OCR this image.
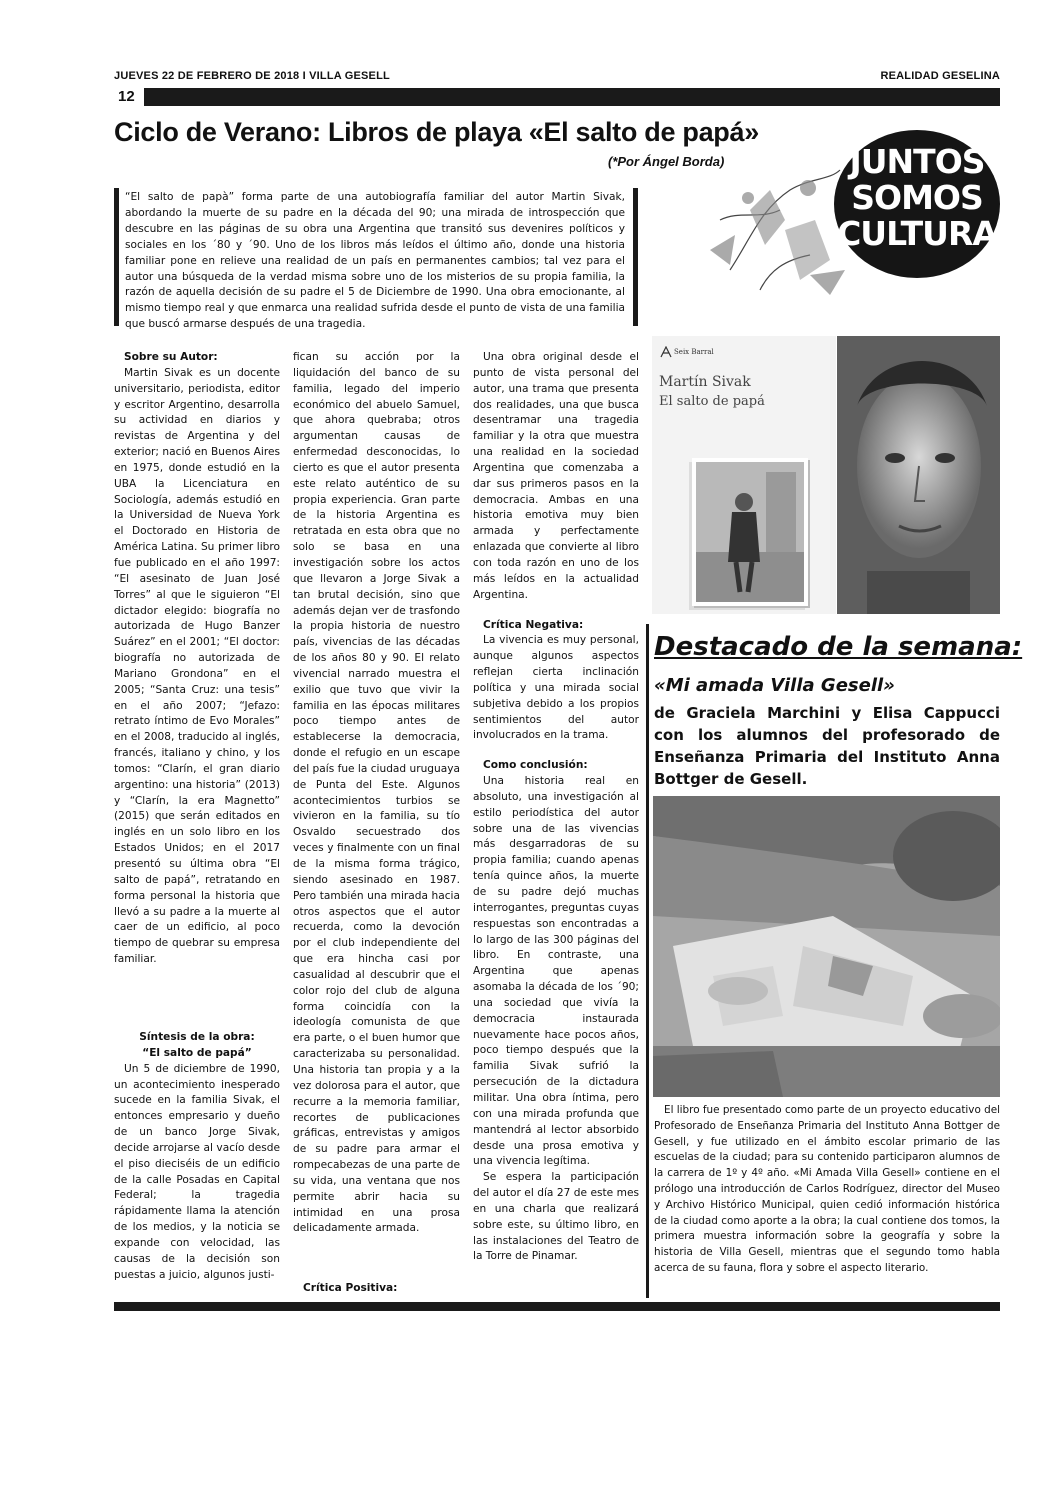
JUEVES 22 DE FEBRERO DE 2018 I VILLA GESELL	REALIDAD GESELINA
12
Ciclo de Verano: Libros de playa «El salto de papá»
(*Por Ángel Borda)	JUNTOS
SOMOS
CULTURA
“El salto de papà” forma parte de una autobiografía familiar del autor Martin Sivak, abordando la muerte de su padre en la década del 90; una mirada de introspección que descubre en las páginas de su obra una Argentina que transitó sus devenires políticos y sociales en los ´80 y ´90. Uno de los libros más leídos el último año, donde una historia familiar pone en relieve una realidad de un país en permanentes cambios; tal vez para el autor una búsqueda de la verdad misma sobre uno de los misterios de su propia familia, la razón de aquella decisión de su padre el 5 de Diciembre de 1990. Una obra emocionante, al mismo tiempo real y que enmarca una realidad sufrida desde el punto de vista de una familia que buscó armarse después de una tragedia.
Sobre su Autor:

Martin Sivak es un docente universitario, periodista, editor y escritor Argentino, desarrolla su actividad en diarios y revistas de Argentina y del exterior; nació en Buenos Aires en 1975, donde estudió en la UBA la Licenciatura en Sociología, además estudió en la Universidad de Nueva York el Doctorado en Historia de América Latina. Su primer libro fue publicado en el año 1997: “El asesinato de Juan José Torres” al que le siguieron “El dictador elegido: biografía no autorizada de Hugo Banzer Suárez” en el 2001; “El doctor: biografía no autorizada de Mariano Grondona” en el 2005; “Santa Cruz: una tesis” en el año 2007; “Jefazo: retrato íntimo de Evo Morales” en el 2008, traducido al inglés, francés, italiano y chino, y los tomos: “Clarín, el gran diario argentino: una historia” (2013) y “Clarín, la era Magnetto” (2015) que serán editados en inglés en un solo libro en los Estados Unidos; en el 2017 presentó su última obra “El salto de papá”, retratando en forma personal la historia que llevó a su padre a la muerte al caer de un edificio, al poco tiempo de quebrar su empresa familiar.

Síntesis de la obra:
“El salto de papá”

Un 5 de diciembre de 1990, un acontecimiento inesperado sucede en la familia Sivak, el entonces empresario y dueño de un banco Jorge Sivak, decide arrojarse al vacío desde el piso dieciséis de un edificio de la calle Posadas en Capital Federal; la tragedia rápidamente llama la atención de los medios, y la noticia se expande con velocidad, las causas de la decisión son puestas a juicio, algunos justi-

fican su acción por la liquidación del banco de su familia, legado del imperio económico del abuelo Samuel, que ahora quebraba; otros argumentan causas de enfermedad desconocidas, lo cierto es que el autor presenta este relato auténtico de su propia experiencia. Gran parte de la historia Argentina es retratada en esta obra que no solo se basa en una investigación sobre los actos que llevaron a Jorge Sivak a tan brutal decisión, sino que además dejan ver de trasfondo la propia historia de nuestro país, vivencias de las décadas de los años 80 y 90. El relato vivencial narrado muestra el exilio que tuvo que vivir la familia en las épocas militares poco tiempo antes de establecerse la democracia, donde el refugio en un escape del país fue la ciudad uruguaya de Punta del Este. Algunos acontecimientos turbios se vivieron en la familia, su tío Osvaldo secuestrado dos veces y finalmente con un final de la misma forma trágico, siendo asesinado en 1987. Pero también una mirada hacia otros aspectos que el autor recuerda, como la devoción por el club independiente del que era hincha casi por casualidad al descubrir que el color rojo del club de alguna forma coincidía con la ideología comunista de que era parte, o el buen humor que caracterizaba su personalidad. Una historia tan propia y a la vez dolorosa para el autor, que recurre a la memoria familiar, recortes de publicaciones gráficas, entrevistas y amigos de su padre para armar el rompecabezas de una parte de su vida, una ventana que nos permite abrir hacia su intimidad en una prosa delicadamente armada.

Crítica Positiva:

Una obra original desde el punto de vista personal del autor, una trama que presenta dos realidades, una que busca desentramar una tragedia familiar y la otra que muestra una realidad en la sociedad Argentina que comenzaba a dar sus primeros pasos en la democracia. Ambas en una historia emotiva muy bien armada y perfectamente enlazada que convierte al libro con toda razón en uno de los más leídos en la actualidad Argentina.

Crítica Negativa:

La vivencia es muy personal, aunque algunos aspectos reflejan cierta inclinación política y una mirada social subjetiva debido a los propios sentimientos del autor involucrados en la trama.

Como conclusión:

Una historia real en absoluto, una investigación al estilo periodística del autor sobre una de las vivencias más desgarradoras de su propia familia; cuando apenas tenía quince años, la muerte de su padre dejó muchas interrogantes, preguntas cuyas respuestas son encontradas a lo largo de las 300 páginas del libro. En contraste, una Argentina que apenas asomaba la década de los ´90; una sociedad que vivía la democracia instaurada nuevamente hace pocos años, poco tiempo después que la familia Sivak sufrió la persecución de la dictadura militar. Una obra íntima, pero con una mirada profunda que mantendrá al lector absorbido desde una prosa emotiva y una vivencia legítima.

Se espera la participación del autor el día 27 de este mes en una charla que realizará sobre este, su último libro, en las instalaciones del Teatro de la Torre de Pinamar.

Seix Barral
Martín Sivak
El salto de papá
Destacado de la semana:
«Mi amada Villa Gesell»
de Graciela Marchini y Elisa Cappucci con los alumnos del profesorado de Enseñanza Primaria del Instituto Anna Bottger de Gesell.

El libro fue presentado como parte de un proyecto educativo del Profesorado de Enseñanza Primaria del Instituto Anna Bottger de Gesell, y fue utilizado en el ámbito escolar primario de las escuelas de la ciudad; para su contenido participaron alumnos de la carrera de 1º y 4º año. «Mi Amada Villa Gesell» contiene en el prólogo una introducción de Carlos Rodríguez, director del Museo y Archivo Histórico Municipal, quien cedió información histórica de la ciudad como aporte a la obra; la cual contiene dos tomos, la primera muestra información sobre la geografía y sobre la historia de Villa Gesell, mientras que el segundo tomo habla acerca de su fauna, flora y sobre el aspecto literario.
